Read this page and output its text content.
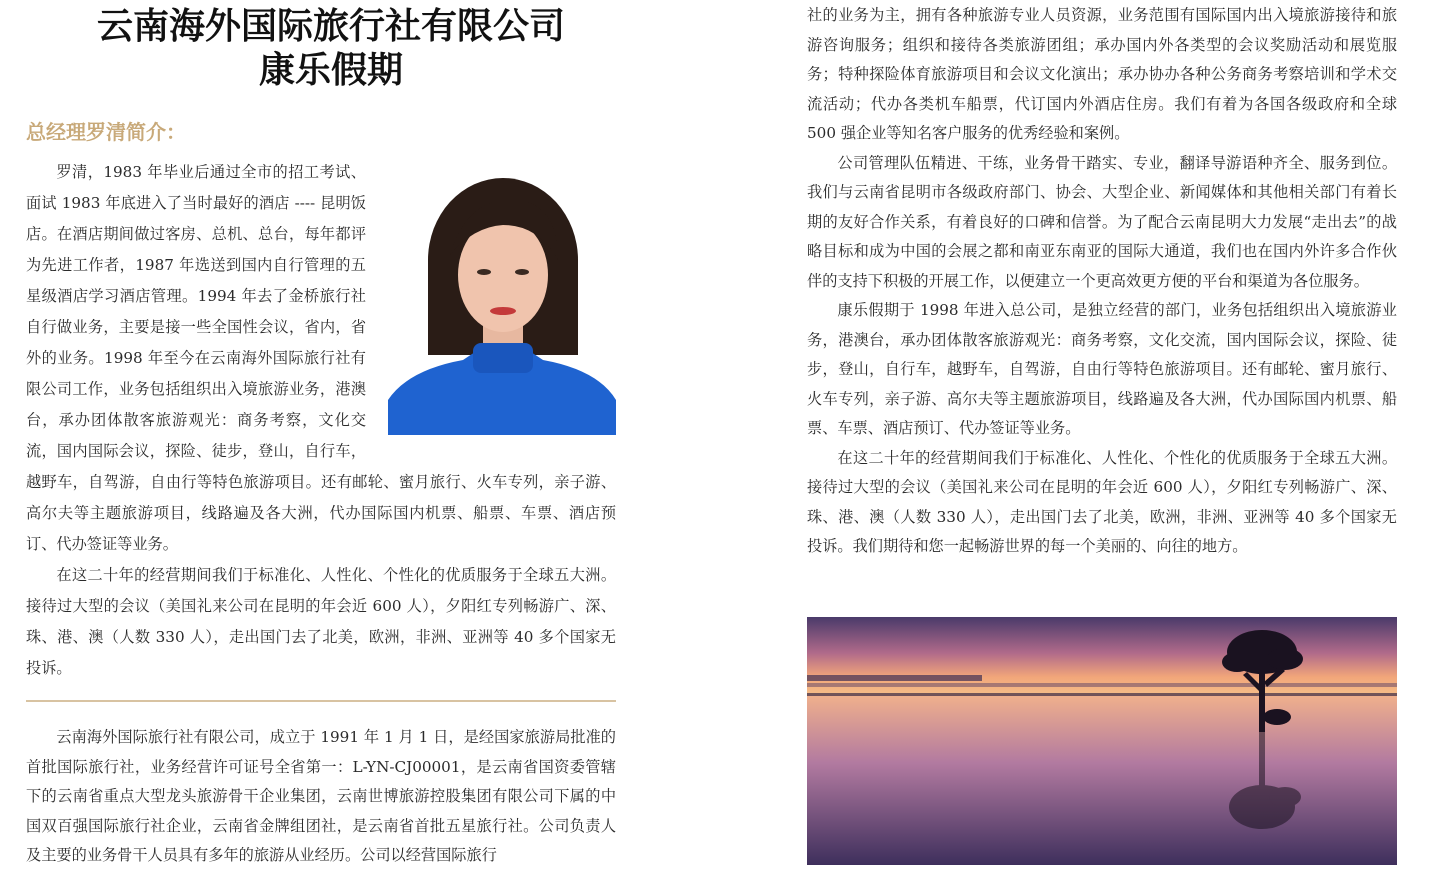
云南海外国际旅行社有限公司
康乐假期
总经理罗清简介：

罗清，1983 年毕业后通过全市的招工考试、面试 1983 年底进入了当时最好的酒店 ---- 昆明饭店。在酒店期间做过客房、总机、总台，每年都评为先进工作者，1987 年选送到国内自行管理的五星级酒店学习酒店管理。1994 年去了金桥旅行社自行做业务，主要是接一些全国性会议，省内，省外的业务。1998 年至今在云南海外国际旅行社有限公司工作，业务包括组织出入境旅游业务，港澳台，承办团体散客旅游观光：商务考察，文化交流，国内国际会议，探险、徒步，登山，自行车，越野车，自驾游，自由行等特色旅游项目。还有邮轮、蜜月旅行、火车专列，亲子游、高尔夫等主题旅游项目，线路遍及各大洲，代办国际国内机票、船票、车票、酒店预订、代办签证等业务。

在这二十年的经营期间我们于标准化、人性化、个性化的优质服务于全球五大洲。接待过大型的会议（美国礼来公司在昆明的年会近 600 人），夕阳红专列畅游广、深、珠、港、澳（人数 330 人），走出国门去了北美，欧洲，非洲、亚洲等 40 多个国家无投诉。

云南海外国际旅行社有限公司，成立于 1991 年 1 月 1 日，是经国家旅游局批准的首批国际旅行社，业务经营许可证号全省第一：L-YN-CJ00001，是云南省国资委管辖下的云南省重点大型龙头旅游骨干企业集团，云南世博旅游控股集团有限公司下属的中国双百强国际旅行社企业，云南省金牌组团社，是云南省首批五星旅行社。公司负责人及主要的业务骨干人员具有多年的旅游从业经历。公司以经营国际旅行

社的业务为主，拥有各种旅游专业人员资源，业务范围有国际国内出入境旅游接待和旅游咨询服务；组织和接待各类旅游团组；承办国内外各类型的会议奖励活动和展览服务；特种探险体育旅游项目和会议文化演出；承办协办各种公务商务考察培训和学术交流活动；代办各类机车船票，代订国内外酒店住房。我们有着为各国各级政府和全球 500 强企业等知名客户服务的优秀经验和案例。

公司管理队伍精进、干练，业务骨干踏实、专业，翻译导游语种齐全、服务到位。我们与云南省昆明市各级政府部门、协会、大型企业、新闻媒体和其他相关部门有着长期的友好合作关系，有着良好的口碑和信誉。为了配合云南昆明大力发展“走出去”的战略目标和成为中国的会展之都和南亚东南亚的国际大通道，我们也在国内外许多合作伙伴的支持下积极的开展工作，以便建立一个更高效更方便的平台和渠道为各位服务。

康乐假期于 1998 年进入总公司，是独立经营的部门，业务包括组织出入境旅游业务，港澳台，承办团体散客旅游观光：商务考察，文化交流，国内国际会议，探险、徒步，登山，自行车，越野车，自驾游，自由行等特色旅游项目。还有邮轮、蜜月旅行、火车专列，亲子游、高尔夫等主题旅游项目，线路遍及各大洲，代办国际国内机票、船票、车票、酒店预订、代办签证等业务。

在这二十年的经营期间我们于标准化、人性化、个性化的优质服务于全球五大洲。接待过大型的会议（美国礼来公司在昆明的年会近 600 人），夕阳红专列畅游广、深、珠、港、澳（人数 330 人），走出国门去了北美，欧洲，非洲、亚洲等 40 多个国家无投诉。我们期待和您一起畅游世界的每一个美丽的、向往的地方。
